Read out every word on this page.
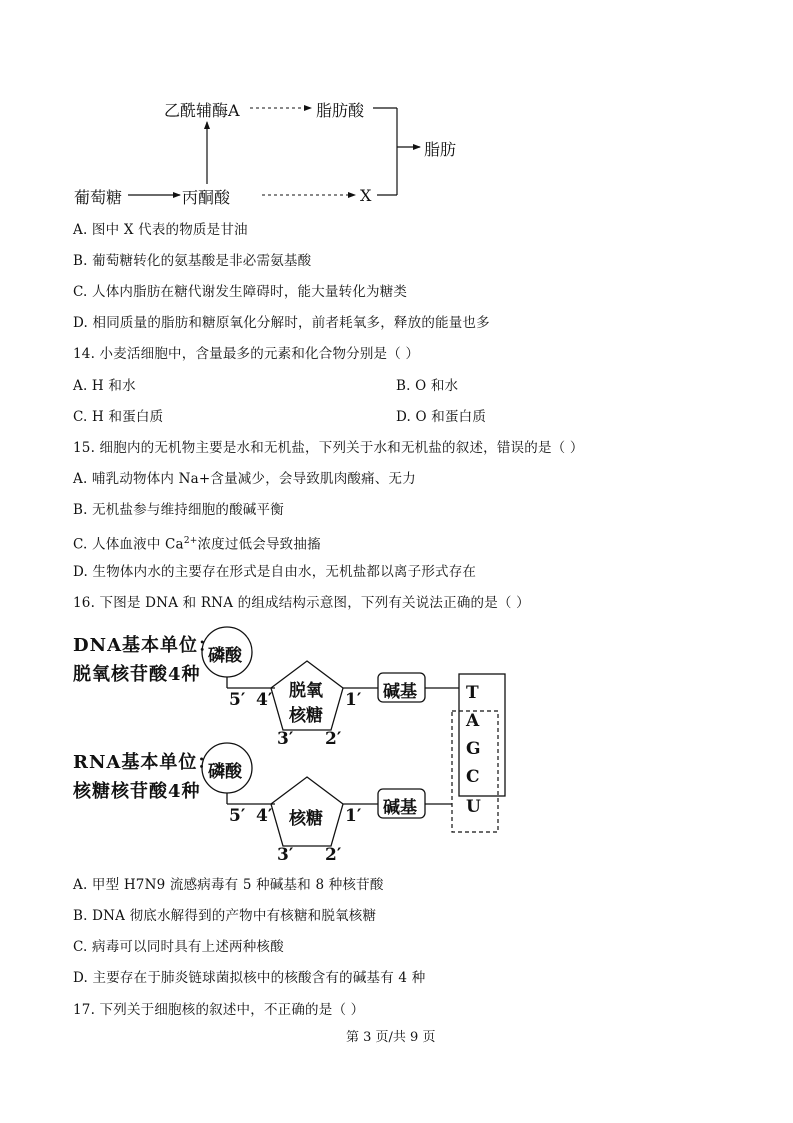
乙酰辅酶A	脂肪酸
脂肪
葡萄糖	丙酮酸	X
A. 图中 X 代表的物质是甘油
B. 葡萄糖转化的氨基酸是非必需氨基酸
C. 人体内脂肪在糖代谢发生障碍时，能大量转化为糖类
D. 相同质量的脂肪和糖原氧化分解时，前者耗氧多，释放的能量也多
14. 小麦活细胞中，含量最多的元素和化合物分别是（ ）
A. H 和水	B. O 和水
C. H 和蛋白质	D. O 和蛋白质
15. 细胞内的无机物主要是水和无机盐，下列关于水和无机盐的叙述，错误的是（ ）
A. 哺乳动物体内 Na+含量减少，会导致肌肉酸痛、无力
B. 无机盐参与维持细胞的酸碱平衡
C. 人体血液中 $Ca^{2+}$浓度过低会导致抽搐
D. 生物体内水的主要存在形式是自由水，无机盐都以离子形式存在
16. 下图是 DNA 和 RNA 的组成结构示意图，下列有关说法正确的是（ ）
DNA基本单位：
脱氧核苷酸4种
RNA基本单位：
核糖核苷酸4种
磷酸
脱氧
核糖
碱基
5′ 4′	1′
3′ 2′
磷酸
核糖
碱基
5′ 4′	1′
3′ 2′
T
A
G
C
U
A. 甲型 H7N9 流感病毒有 5 种碱基和 8 种核苷酸
B. DNA 彻底水解得到的产物中有核糖和脱氧核糖
C. 病毒可以同时具有上述两种核酸
D. 主要存在于肺炎链球菌拟核中的核酸含有的碱基有 4 种
17. 下列关于细胞核的叙述中，不正确的是（ ）
第 3 页/共 9 页
